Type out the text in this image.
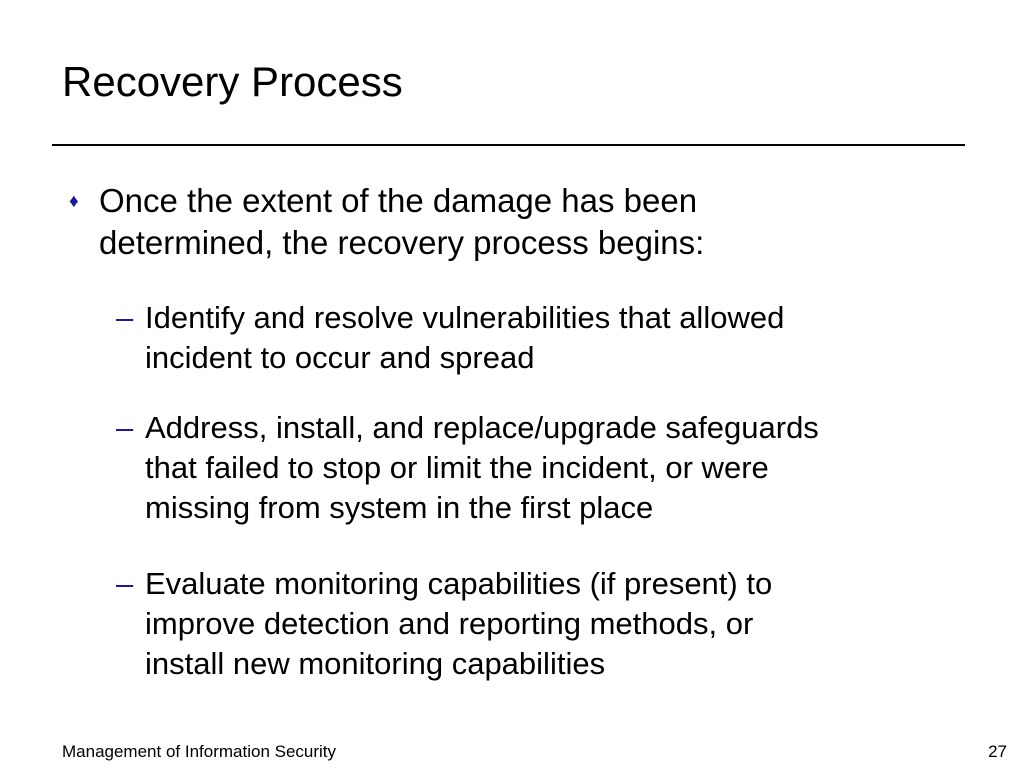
Recovery Process
♦ Once the extent of the damage has been
determined, the recovery process begins:
– Identify and resolve vulnerabilities that allowed
incident to occur and spread
– Address, install, and replace/upgrade safeguards
that failed to stop or limit the incident, or were
missing from system in the first place
– Evaluate monitoring capabilities (if present) to
improve detection and reporting methods, or
install new monitoring capabilities
Management of Information Security	27
